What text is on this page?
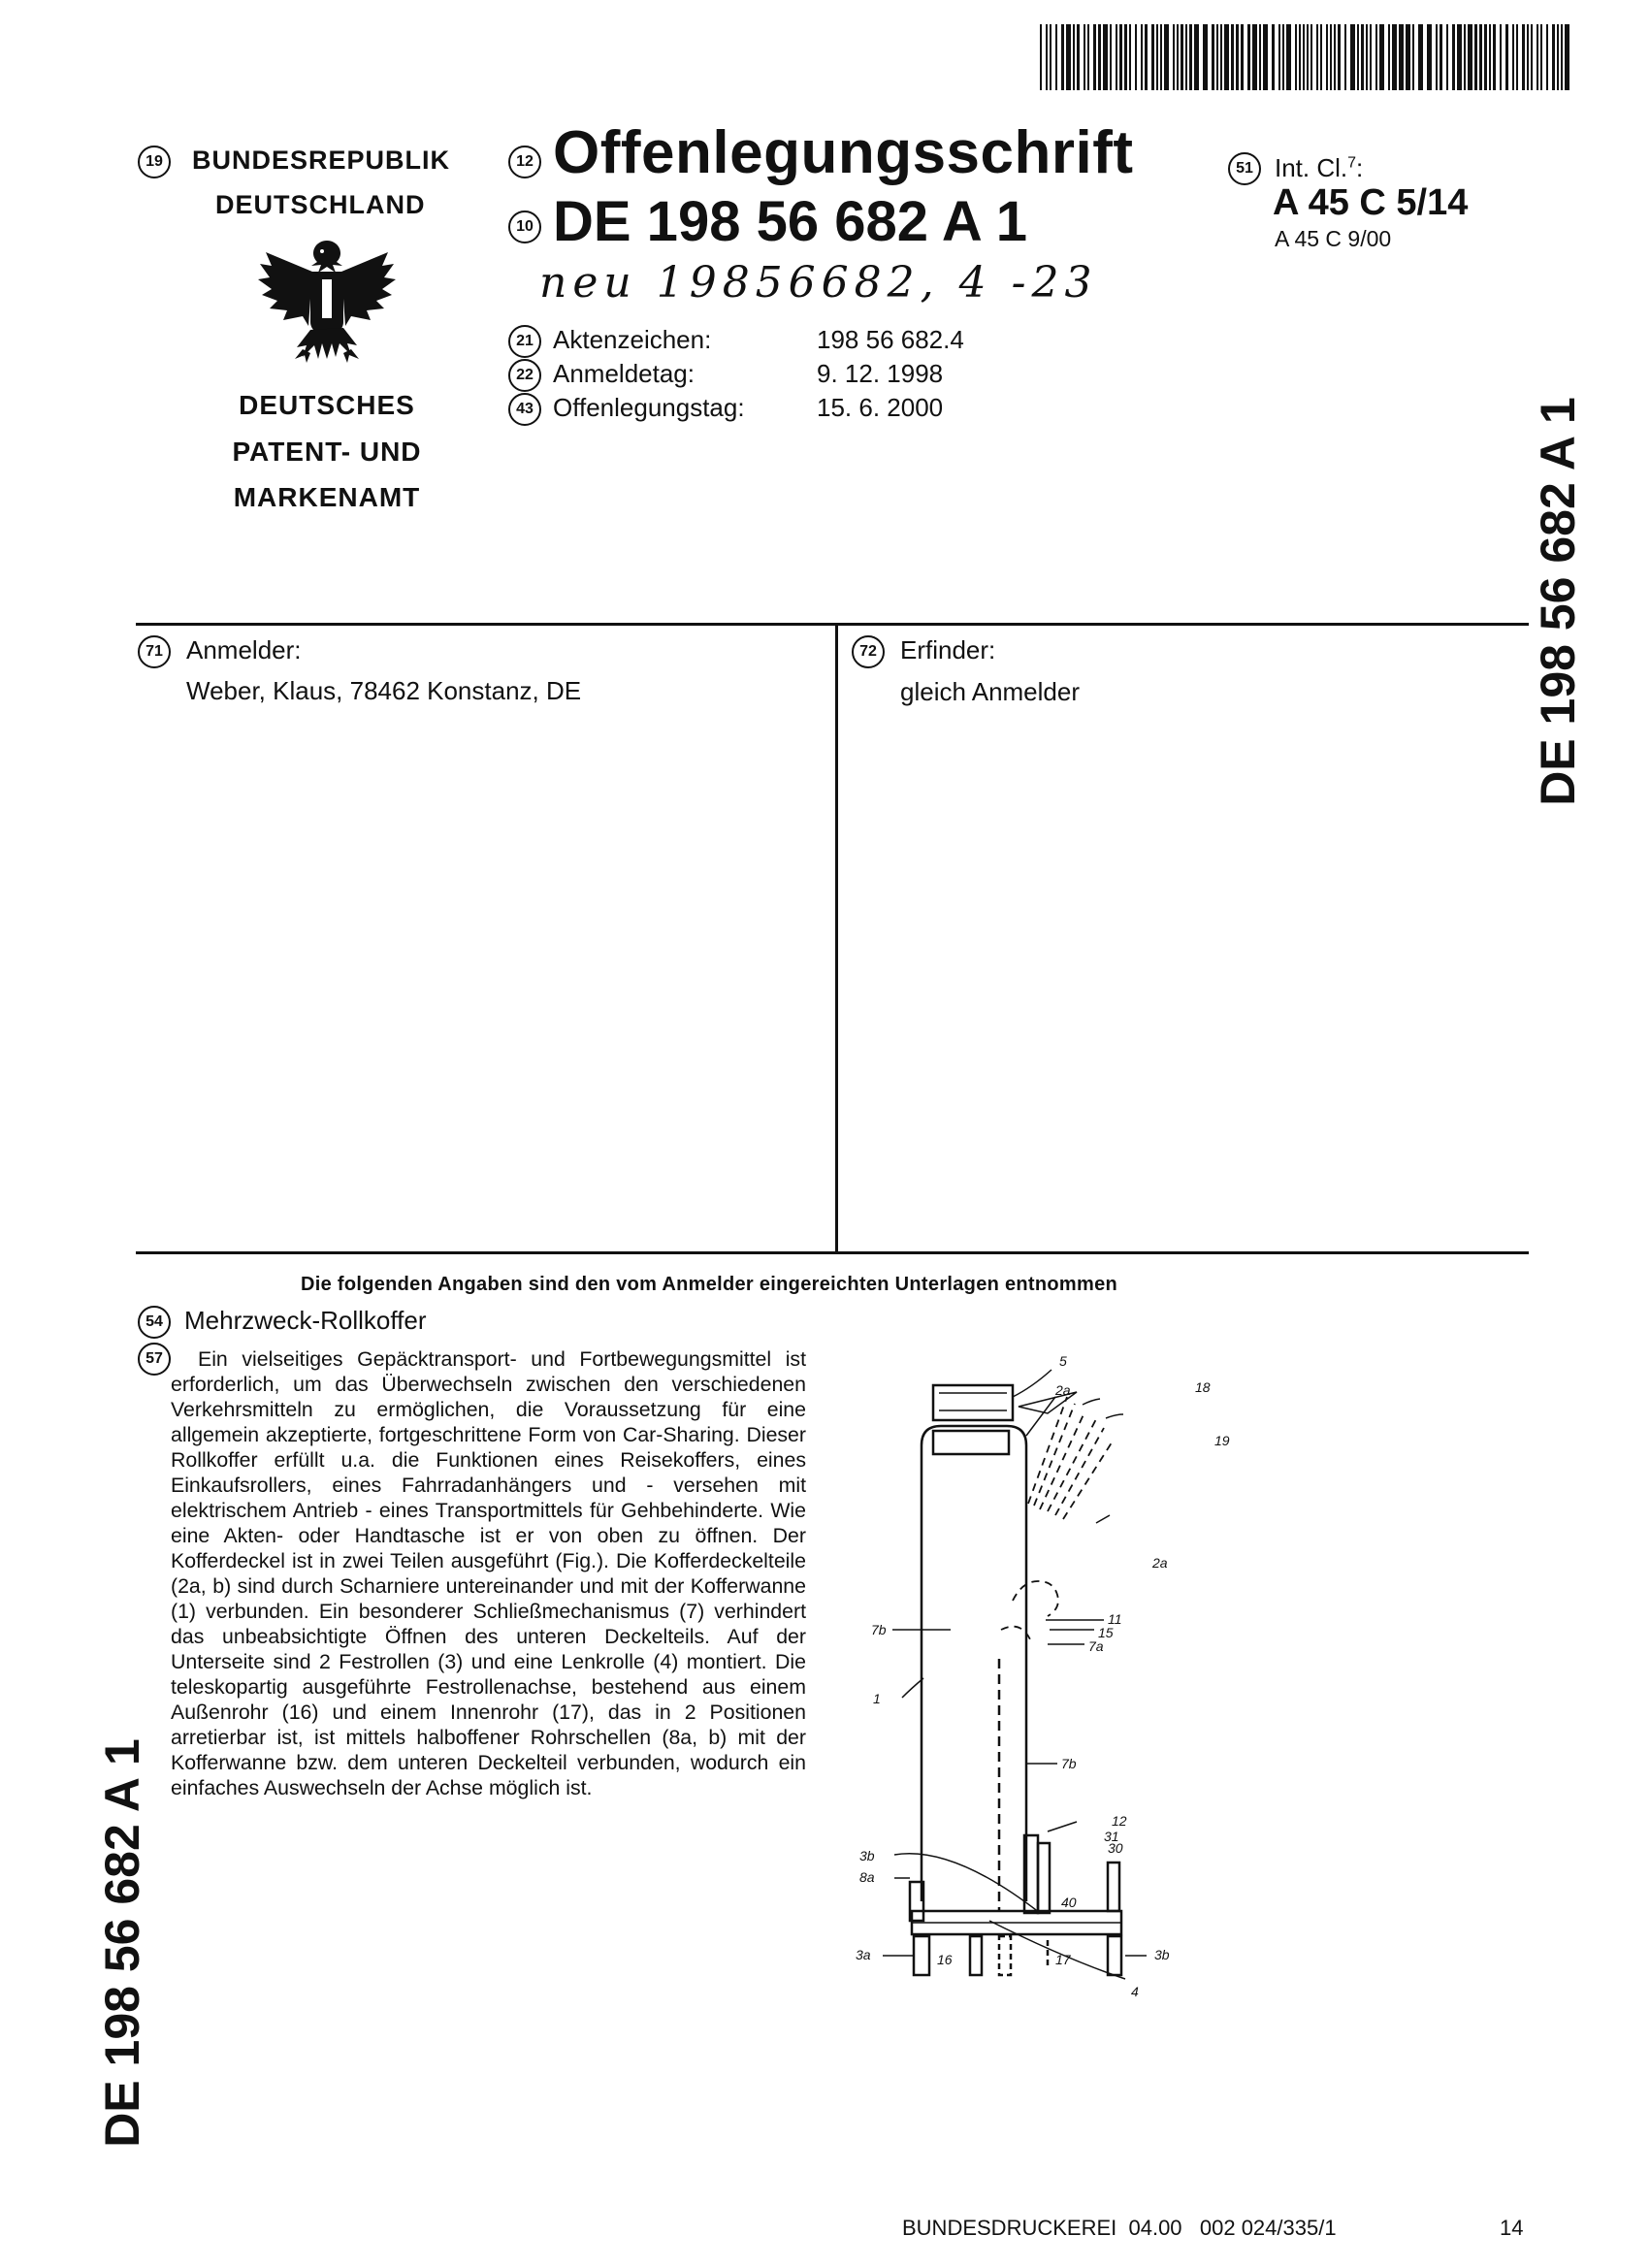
19	BUNDESREPUBLIK
DEUTSCHLAND
DEUTSCHES
PATENT- UND
MARKENAMT
12 Offenlegungsschrift
10 DE 198 56 682 A 1
neu 19856682, 4 -23
21 Aktenzeichen:	198 56 682.4
22 Anmeldetag:	9. 12. 1998
43 Offenlegungstag:	15. 6. 2000
51 Int. Cl.$^7$:
A 45 C 5/14
A 45 C 9/00
DE 198 56 682 A 1
71 Anmelder:
Weber, Klaus, 78462 Konstanz, DE
72 Erfinder:
gleich Anmelder
Die folgenden Angaben sind den vom Anmelder eingereichten Unterlagen entnommen
54 Mehrzweck-Rollkoffer
57	Ein vielseitiges Gepäcktransport- und Fortbewegungsmittel ist erforderlich, um das Überwechseln zwischen den verschiedenen Verkehrsmitteln zu ermöglichen, die Voraussetzung für eine allgemein akzeptierte, fortgeschrittene Form von Car-Sharing. Dieser Rollkoffer erfüllt u.a. die Funktionen eines Reisekoffers, eines Einkaufsrollers, eines Fahrradanhängers und - versehen mit elektrischem Antrieb - eines Transportmittels für Gehbehinderte. Wie eine Akten- oder Handtasche ist er von oben zu öffnen. Der Kofferdeckel ist in zwei Teilen ausgeführt (Fig.). Die Kofferdeckelteile (2a, b) sind durch Scharniere untereinander und mit der Kofferwanne (1) verbunden. Ein besonderer Schließmechanismus (7) verhindert das unbeabsichtigte Öffnen des unteren Deckelteils. Auf der Unterseite sind 2 Festrollen (3) und eine Lenkrolle (4) montiert. Die teleskopartig ausgeführte Festrollenachse, bestehend aus einem Außenrohr (16) und einem Innenrohr (17), das in 2 Positionen arretierbar ist, ist mittels halboffener Rohrschellen (8a, b) mit der Kofferwanne bzw. dem unteren Deckelteil verbunden, wodurch ein einfaches Auswechseln der Achse möglich ist.
5
2a	18
19
2a
7b
11
15
7a
1
7b
12
3b
31
30
8a
40
3a	16	17	3b
4
DE 198 56 682 A 1
BUNDESDRUCKEREI  04.00   002 024/335/1	14
